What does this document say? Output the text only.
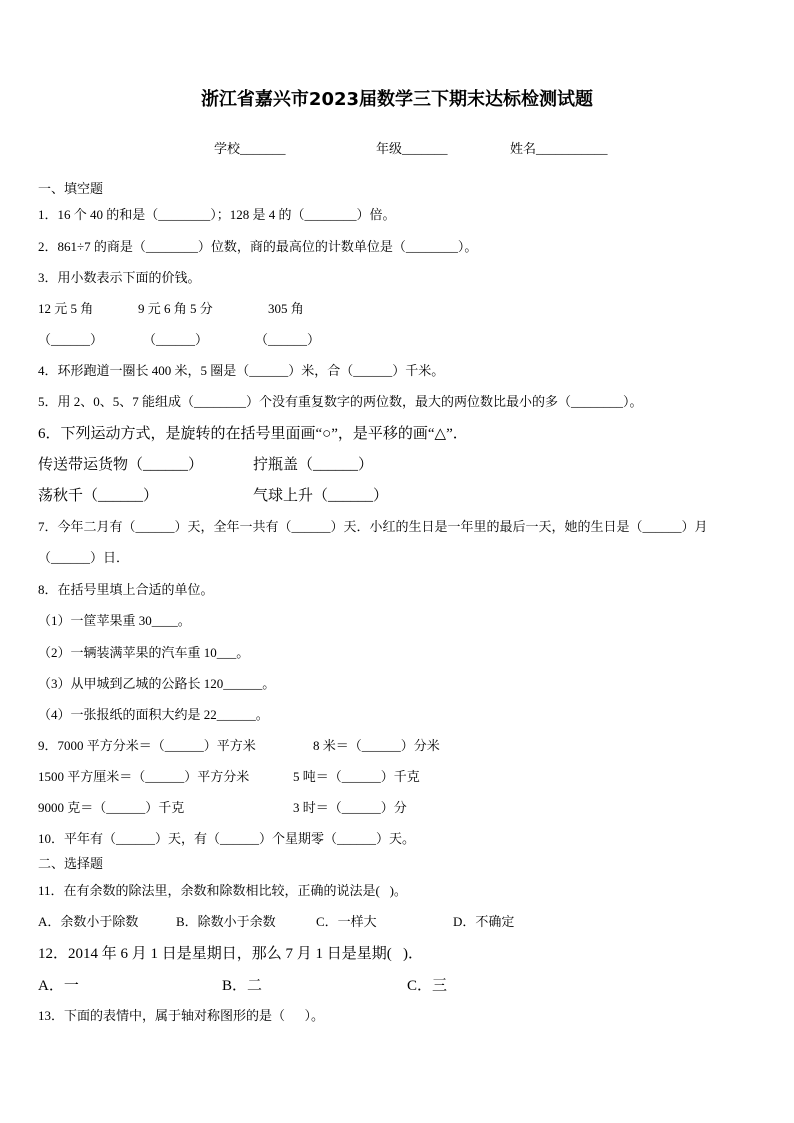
浙江省嘉兴市2023届数学三下期末达标检测试题
学校_______	年级_______	姓名___________
一、填空题
1．16 个 40 的和是（________）；128 是 4 的（________）倍。
2．861÷7 的商是（________）位数，商的最高位的计数单位是（________）。
3．用小数表示下面的价钱。
12 元 5 角	9 元 6 角 5 分	305 角
（______）	（______）	（______）
4．环形跑道一圈长 400 米，5 圈是（______）米，合（______）千米。
5．用 2、0、5、7 能组成（________）个没有重复数字的两位数，最大的两位数比最小的多（________）。
6．下列运动方式，是旋转的在括号里面画“○”，是平移的画“△”．
传送带运货物（______）	拧瓶盖（______）
荡秋千（______）	气球上升（______）
7．今年二月有（______）天，全年一共有（______）天．小红的生日是一年里的最后一天，她的生日是（______）月
（______）日．
8．在括号里填上合适的单位。
（1）一筐苹果重 30____。
（2）一辆装满苹果的汽车重 10___。
（3）从甲城到乙城的公路长 120______。
（4）一张报纸的面积大约是 22______。
9．7000 平方分米＝（______）平方米	8 米＝（______）分米
1500 平方厘米＝（______）平方分米	5 吨＝（______）千克
9000 克＝（______）千克	3 时＝（______）分
10．平年有（______）天，有（______）个星期零（______）天。
二、选择题
11．在有余数的除法里，余数和除数相比较，正确的说法是(   )。
A．余数小于除数	B．除数小于余数	C．一样大	D．不确定
12．2014 年 6 月 1 日是星期日，那么 7 月 1 日是星期(   )．
A．一	B．二	C．三
13．下面的表情中，属于轴对称图形的是（      ）。
